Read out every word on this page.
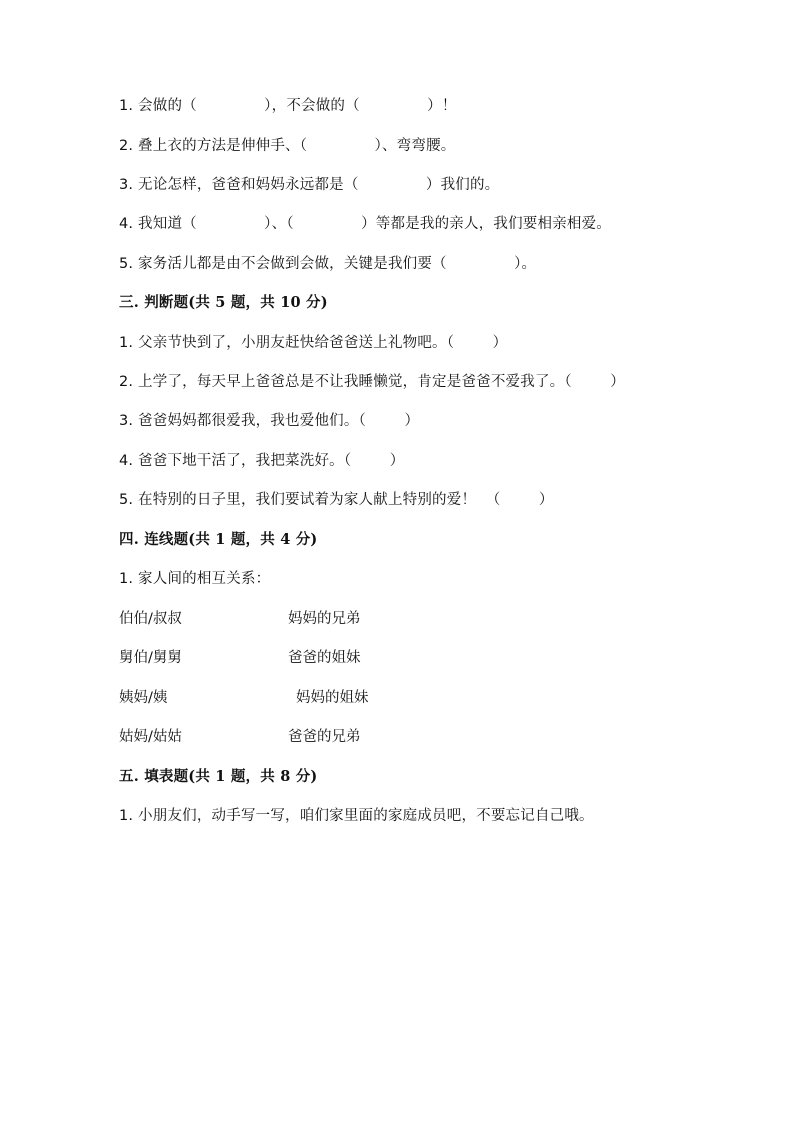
1. 会做的（              ），不会做的（              ）！
2. 叠上衣的方法是伸伸手、（              ）、弯弯腰。
3. 无论怎样，爸爸和妈妈永远都是（              ）我们的。
4. 我知道（              ）、（              ）等都是我的亲人，我们要相亲相爱。
5. 家务活儿都是由不会做到会做，关键是我们要（              ）。
三. 判断题(共 5 题，共 10 分)
1. 父亲节快到了，小朋友赶快给爸爸送上礼物吧。（        ）
2. 上学了，每天早上爸爸总是不让我睡懒觉，肯定是爸爸不爱我了。（        ）
3. 爸爸妈妈都很爱我，我也爱他们。（        ）
4. 爸爸下地干活了，我把菜洗好。（        ）
5. 在特别的日子里，我们要试着为家人献上特别的爱！  （        ）
四. 连线题(共 1 题，共 4 分)
1. 家人间的相互关系：
伯伯/叔叔	妈妈的兄弟
舅伯/舅舅	爸爸的姐妹
姨妈/姨	妈妈的姐妹
姑妈/姑姑	爸爸的兄弟
五. 填表题(共 1 题，共 8 分)
1. 小朋友们，动手写一写，咱们家里面的家庭成员吧，不要忘记自己哦。
